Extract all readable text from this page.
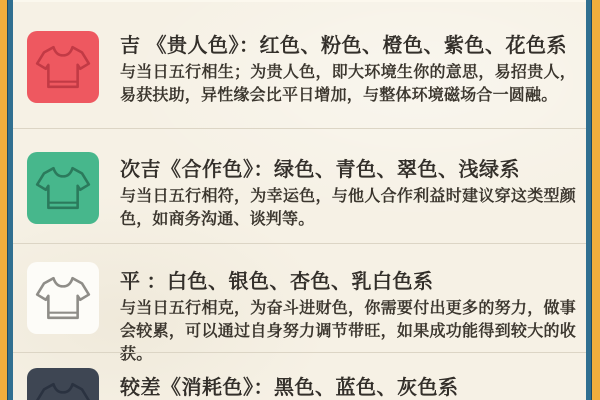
吉 《贵人色》：红色、粉色、橙色、紫色、花色系
与当日五行相生；为贵人色，即大环境生你的意思，易招贵人，易获扶助，异性缘会比平日增加，与整体环境磁场合一圆融。
次吉《合作色》：绿色、青色、翠色、浅绿系
与当日五行相符，为幸运色，与他人合作利益时建议穿这类型颜色，如商务沟通、谈判等。
平 ：白色、银色、杏色、乳白色系
与当日五行相克，为奋斗进财色，你需要付出更多的努力，做事会较累，可以通过自身努力调节带旺，如果成功能得到较大的收获。
较差《消耗色》：黑色、蓝色、灰色系
